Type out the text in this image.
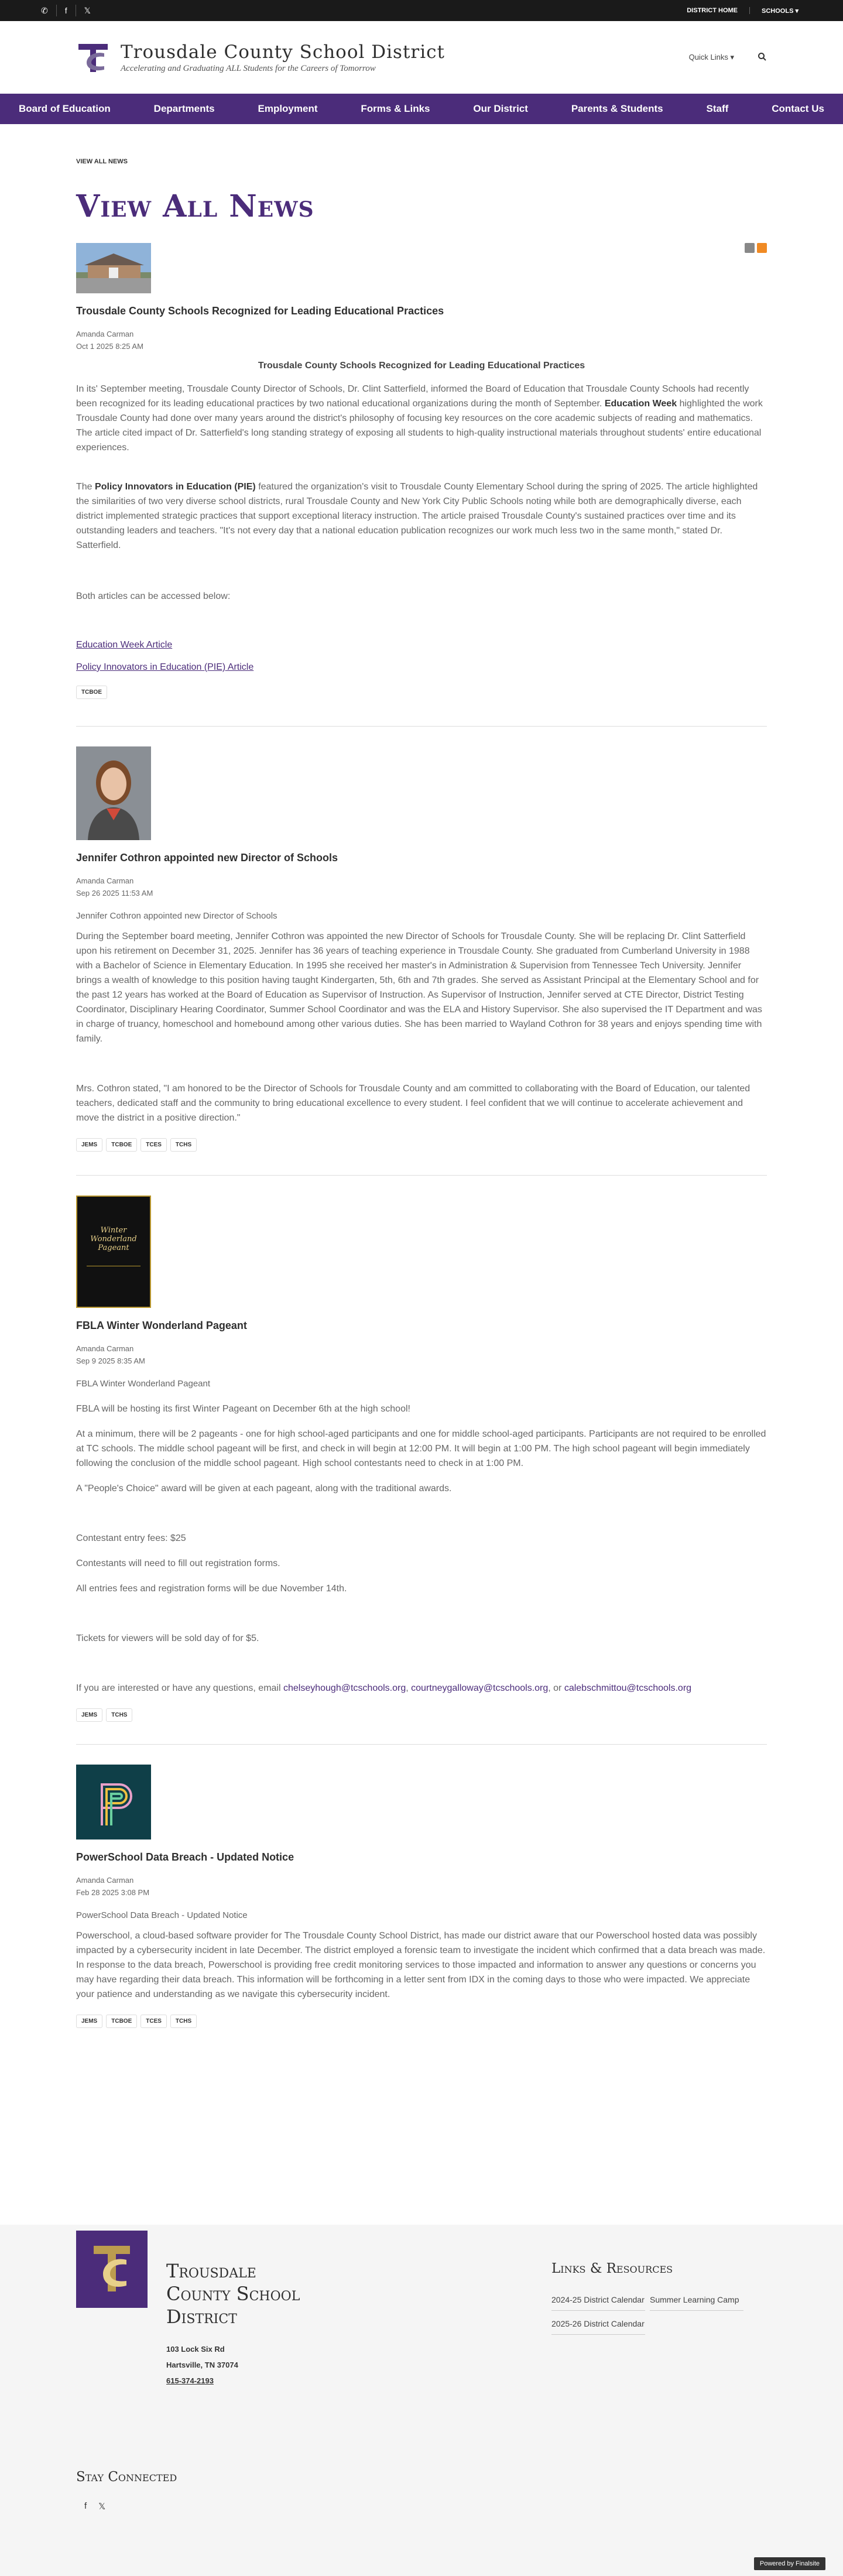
✆	f	𝕏	DISTRICT HOME	SCHOOLS ▾
Trousdale County School District
Accelerating and Graduating ALL Students for the Careers of Tomorrow
Quick Links ▾
Board of Education	Departments	Employment	Forms & Links	Our District	Parents & Students	Staff	Contact Us
VIEW ALL NEWS
View All News
Trousdale County Schools Recognized for Leading Educational Practices
Amanda Carman
Oct 1 2025 8:25 AM
Trousdale County Schools Recognized for Leading Educational Practices
In its' September meeting, Trousdale County Director of Schools, Dr. Clint Satterfield, informed the Board of Education that Trousdale County Schools had recently been recognized for its leading educational practices by two national educational organizations during the month of September. Education Week highlighted the work Trousdale County had done over many years around the district's philosophy of focusing key resources on the core academic subjects of reading and mathematics. The article cited impact of Dr. Satterfield's long standing strategy of exposing all students to high-quality instructional materials throughout students' entire educational experiences.
The Policy Innovators in Education (PIE) featured the organization's visit to Trousdale County Elementary School during the spring of 2025. The article highlighted the similarities of two very diverse school districts, rural Trousdale County and New York City Public Schools noting while both are demographically diverse, each district implemented strategic practices that support exceptional literacy instruction. The article praised Trousdale County's sustained practices over time and its outstanding leaders and teachers. "It's not every day that a national education publication recognizes our work much less two in the same month," stated Dr. Satterfield.
Both articles can be accessed below:
Education Week Article
Policy Innovators in Education (PIE) Article
TCBOE
Jennifer Cothron appointed new Director of Schools
Amanda Carman
Sep 26 2025 11:53 AM
Jennifer Cothron appointed new Director of Schools
During the September board meeting, Jennifer Cothron was appointed the new Director of Schools for Trousdale County. She will be replacing Dr. Clint Satterfield upon his retirement on December 31, 2025. Jennifer has 36 years of teaching experience in Trousdale County. She graduated from Cumberland University in 1988 with a Bachelor of Science in Elementary Education. In 1995 she received her master's in Administration & Supervision from Tennessee Tech University. Jennifer brings a wealth of knowledge to this position having taught Kindergarten, 5th, 6th and 7th grades. She served as Assistant Principal at the Elementary School and for the past 12 years has worked at the Board of Education as Supervisor of Instruction. As Supervisor of Instruction, Jennifer served at CTE Director, District Testing Coordinator, Disciplinary Hearing Coordinator, Summer School Coordinator and was the ELA and History Supervisor. She also supervised the IT Department and was in charge of truancy, homeschool and homebound among other various duties. She has been married to Wayland Cothron for 38 years and enjoys spending time with family.
Mrs. Cothron stated, "I am honored to be the Director of Schools for Trousdale County and am committed to collaborating with the Board of Education, our talented teachers, dedicated staff and the community to bring educational excellence to every student. I feel confident that we will continue to accelerate achievement and move the district in a positive direction."
JEMS	TCBOE	TCES	TCHS
Winter Wonderland Pageant
FBLA Winter Wonderland Pageant
Amanda Carman
Sep 9 2025 8:35 AM
FBLA Winter Wonderland Pageant
FBLA will be hosting its first Winter Pageant on December 6th at the high school!
At a minimum, there will be 2 pageants - one for high school-aged participants and one for middle school-aged participants. Participants are not required to be enrolled at TC schools. The middle school pageant will be first, and check in will begin at 12:00 PM. It will begin at 1:00 PM. The high school pageant will begin immediately following the conclusion of the middle school pageant. High school contestants need to check in at 1:00 PM.
A "People's Choice" award will be given at each pageant, along with the traditional awards.
Contestant entry fees: $25
Contestants will need to fill out registration forms.
All entries fees and registration forms will be due November 14th.
Tickets for viewers will be sold day of for $5.
If you are interested or have any questions, email chelseyhough@tcschools.org, courtneygalloway@tcschools.org, or calebschmittou@tcschools.org
JEMS	TCHS
PowerSchool Data Breach - Updated Notice
Amanda Carman
Feb 28 2025 3:08 PM
PowerSchool Data Breach - Updated Notice
Powerschool, a cloud-based software provider for The Trousdale County School District, has made our district aware that our Powerschool hosted data was possibly impacted by a cybersecurity incident in late December. The district employed a forensic team to investigate the incident which confirmed that a data breach was made. In response to the data breach, Powerschool is providing free credit monitoring services to those impacted and information to answer any questions or concerns you may have regarding their data breach. This information will be forthcoming in a letter sent from IDX in the coming days to those who were impacted. We appreciate your patience and understanding as we navigate this cybersecurity incident.
JEMS	TCBOE	TCES	TCHS
Trousdale
County School
District
103 Lock Six Rd
Hartsville, TN 37074
615-374-2193
Links & Resources
2024-25 District Calendar Summer Learning Camp
2025-26 District Calendar
Stay Connected
f 𝕏
Powered by Finalsite
